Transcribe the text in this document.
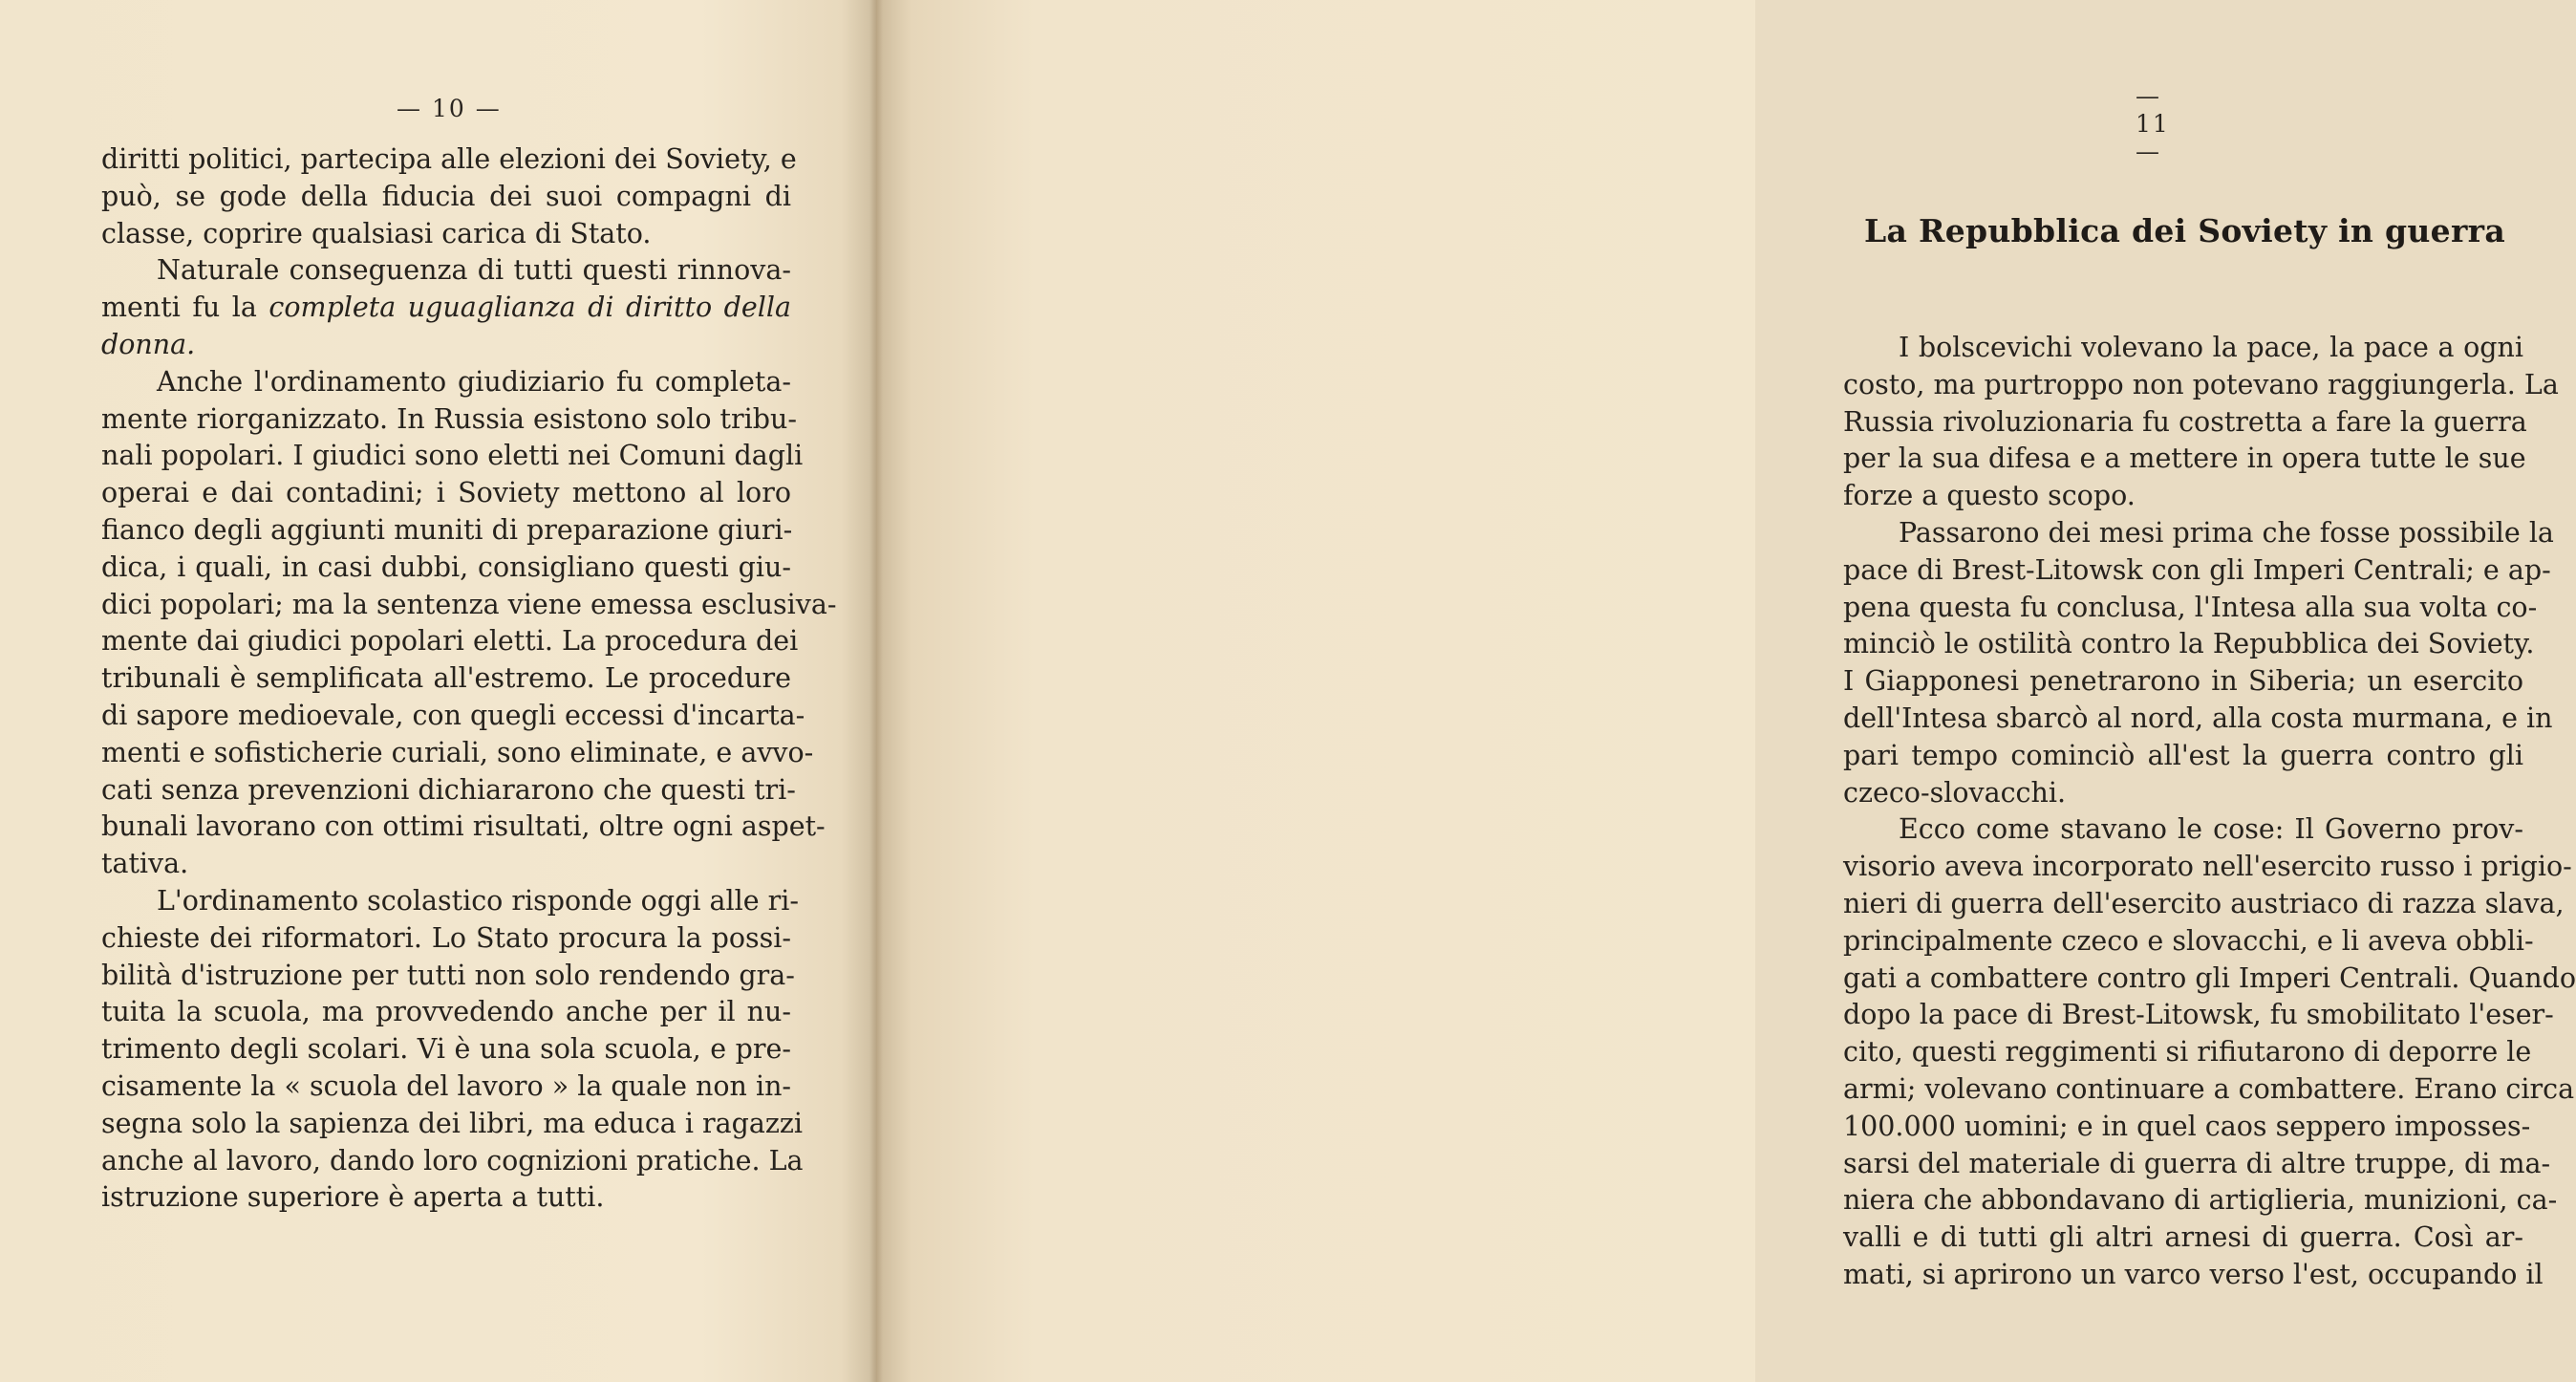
— 10 —
diritti politici, partecipa alle elezioni dei Soviety, e
può, se gode della fiducia dei suoi compagni di
classe, coprire qualsiasi carica di Stato.
Naturale conseguenza di tutti questi rinnova-
menti fu la completa uguaglianza di diritto della
donna.
Anche l'ordinamento giudiziario fu completa-
mente riorganizzato. In Russia esistono solo tribu-
nali popolari. I giudici sono eletti nei Comuni dagli
operai e dai contadini; i Soviety mettono al loro
fianco degli aggiunti muniti di preparazione giuri-
dica, i quali, in casi dubbi, consigliano questi giu-
dici popolari; ma la sentenza viene emessa esclusiva-
mente dai giudici popolari eletti. La procedura dei
tribunali è semplificata all'estremo. Le procedure
di sapore medioevale, con quegli eccessi d'incarta-
menti e sofisticherie curiali, sono eliminate, e avvo-
cati senza prevenzioni dichiararono che questi tri-
bunali lavorano con ottimi risultati, oltre ogni aspet-
tativa.
L'ordinamento scolastico risponde oggi alle ri-
chieste dei riformatori. Lo Stato procura la possi-
bilità d'istruzione per tutti non solo rendendo gra-
tuita la scuola, ma provvedendo anche per il nu-
trimento degli scolari. Vi è una sola scuola, e pre-
cisamente la « scuola del lavoro » la quale non in-
segna solo la sapienza dei libri, ma educa i ragazzi
anche al lavoro, dando loro cognizioni pratiche. La
istruzione superiore è aperta a tutti.
— 11 —
La Repubblica dei Soviety in guerra
I bolscevichi volevano la pace, la pace a ogni
costo, ma purtroppo non potevano raggiungerla. La
Russia rivoluzionaria fu costretta a fare la guerra
per la sua difesa e a mettere in opera tutte le sue
forze a questo scopo.
Passarono dei mesi prima che fosse possibile la
pace di Brest-Litowsk con gli Imperi Centrali; e ap-
pena questa fu conclusa, l'Intesa alla sua volta co-
minciò le ostilità contro la Repubblica dei Soviety.
I Giapponesi penetrarono in Siberia; un esercito
dell'Intesa sbarcò al nord, alla costa murmana, e in
pari tempo cominciò all'est la guerra contro gli
czeco-slovacchi.
Ecco come stavano le cose: Il Governo prov-
visorio aveva incorporato nell'esercito russo i prigio-
nieri di guerra dell'esercito austriaco di razza slava,
principalmente czeco e slovacchi, e li aveva obbli-
gati a combattere contro gli Imperi Centrali. Quando
dopo la pace di Brest-Litowsk, fu smobilitato l'eser-
cito, questi reggimenti si rifiutarono di deporre le
armi; volevano continuare a combattere. Erano circa
100.000 uomini; e in quel caos seppero imposses-
sarsi del materiale di guerra di altre truppe, di ma-
niera che abbondavano di artiglieria, munizioni, ca-
valli e di tutti gli altri arnesi di guerra. Così ar-
mati, si aprirono un varco verso l'est, occupando il
